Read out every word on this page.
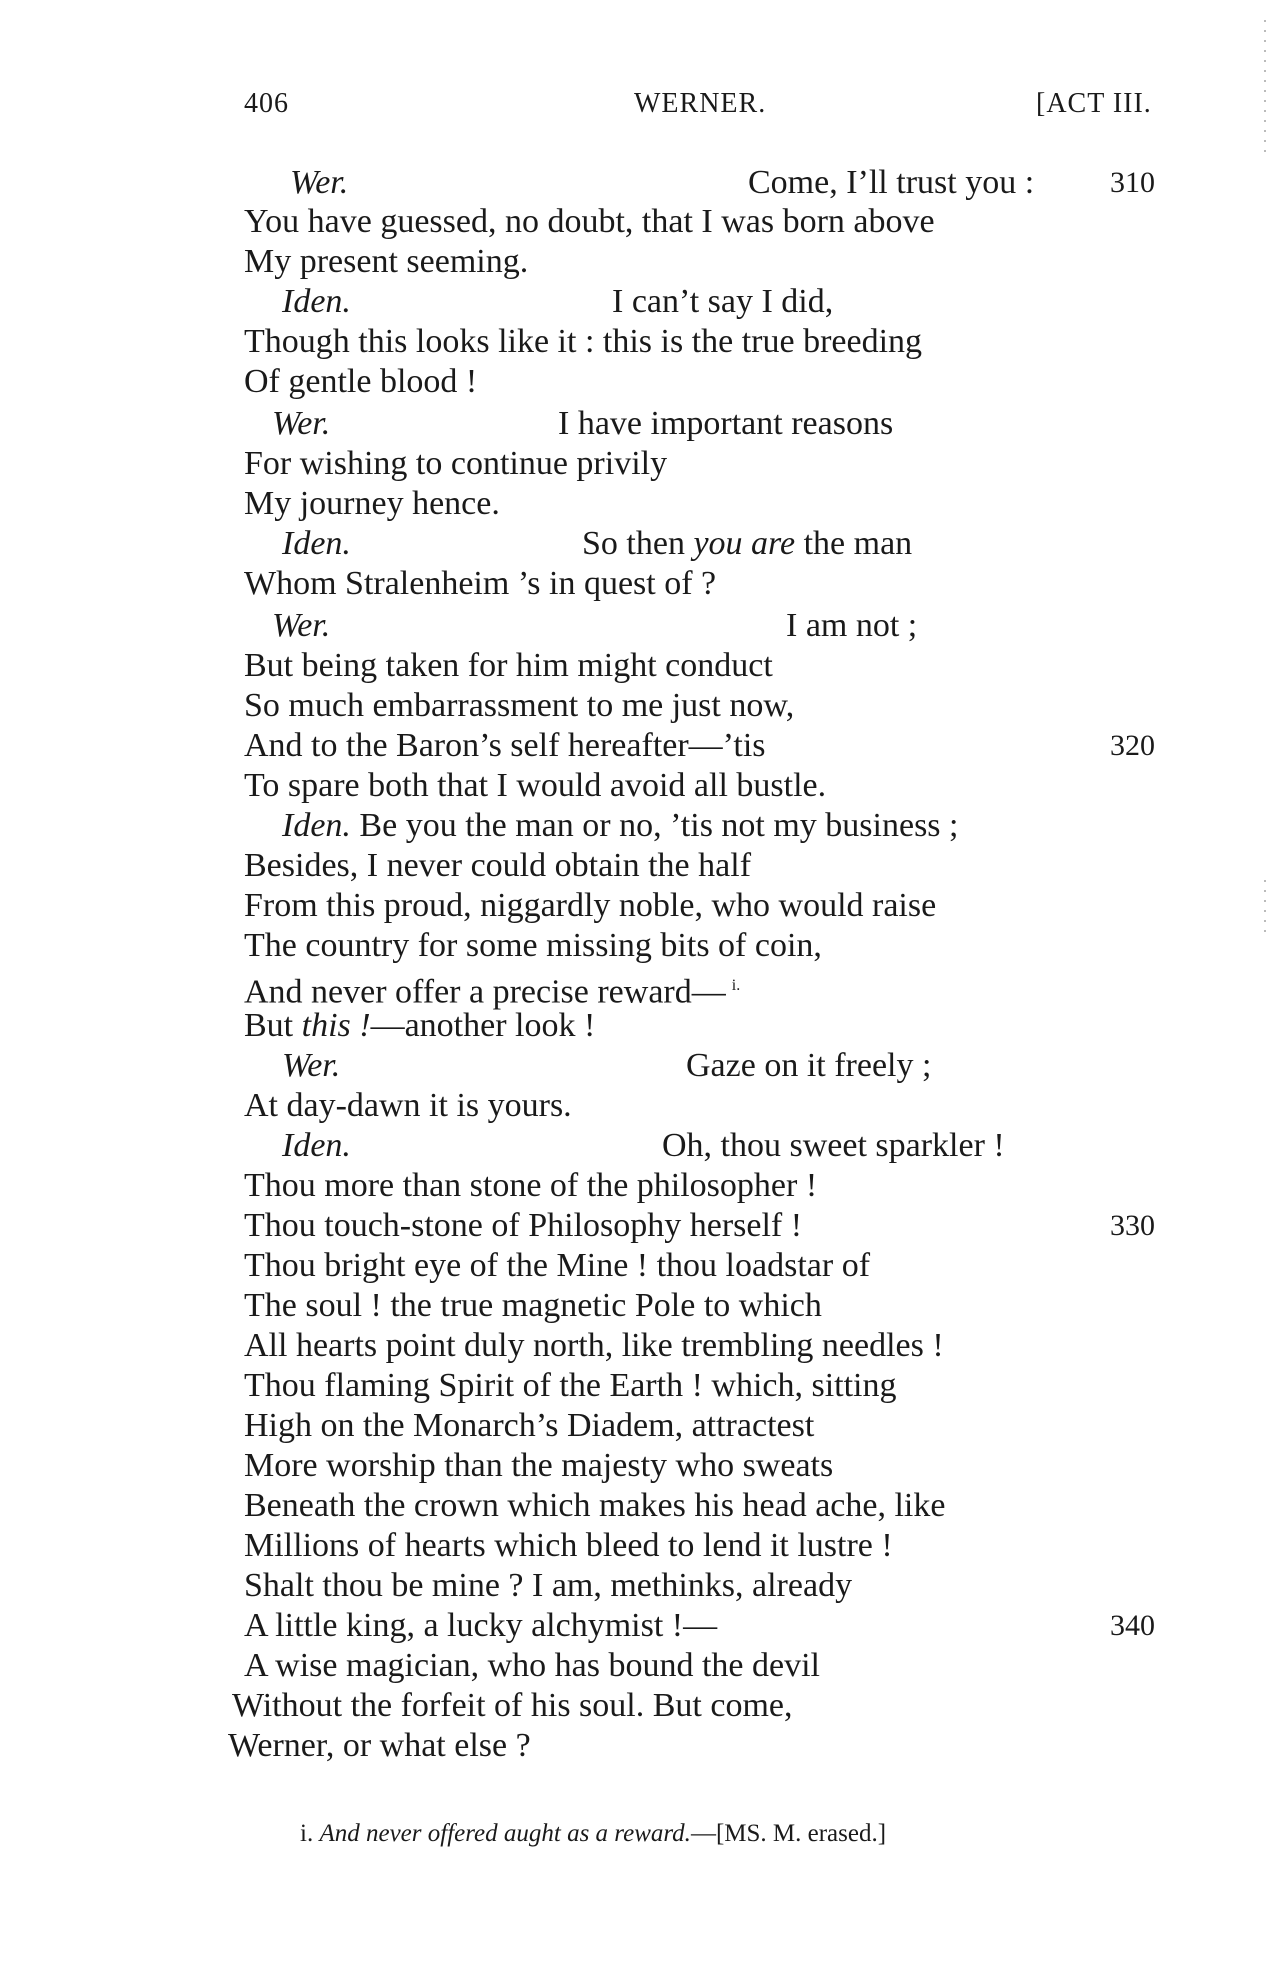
406	WERNER.	[ACT III.
Wer.	Come, I’ll trust you :	310
You have guessed, no doubt, that I was born above
My present seeming.
Iden.	I can’t say I did,
Though this looks like it : this is the true breeding
Of gentle blood !
Wer.	I have important reasons
For wishing to continue privily
My journey hence.
Iden.	So then you are the man
Whom Stralenheim ’s in quest of ?
Wer.	I am not ;
But being taken for him might conduct
So much embarrassment to me just now,
And to the Baron’s self hereafter—’tis	320
To spare both that I would avoid all bustle.
Iden. Be you the man or no, ’tis not my business ;
Besides, I never could obtain the half
From this proud, niggardly noble, who would raise
The country for some missing bits of coin,
And never offer a precise reward— $^{i.}$
But this !—another look !
Wer.	Gaze on it freely ;
At day-dawn it is yours.
Iden.	Oh, thou sweet sparkler !
Thou more than stone of the philosopher !
Thou touch-stone of Philosophy herself !	330
Thou bright eye of the Mine ! thou loadstar of
The soul ! the true magnetic Pole to which
All hearts point duly north, like trembling needles !
Thou flaming Spirit of the Earth ! which, sitting
High on the Monarch’s Diadem, attractest
More worship than the majesty who sweats
Beneath the crown which makes his head ache, like
Millions of hearts which bleed to lend it lustre !
Shalt thou be mine ? I am, methinks, already
A little king, a lucky alchymist !—	340
A wise magician, who has bound the devil
Without the forfeit of his soul. But come,
Werner, or what else ?
i. And never offered aught as a reward.—[MS. M. erased.]
